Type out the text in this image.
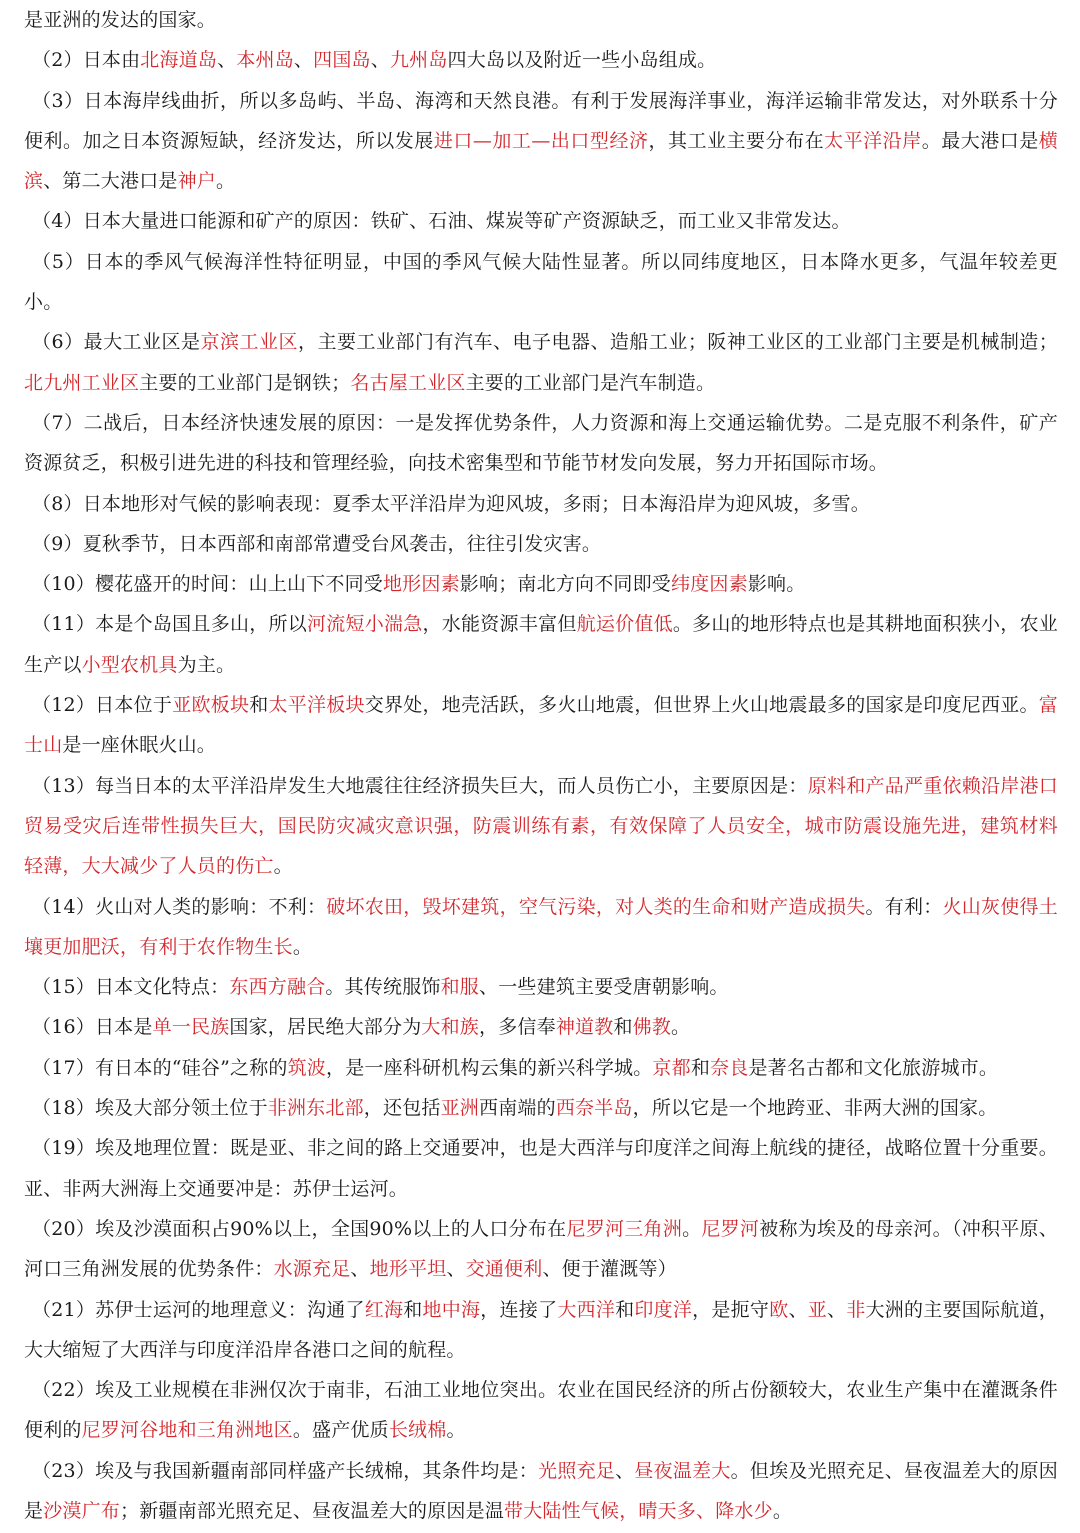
是亚洲的发达的国家。

（2）日本由北海道岛、本州岛、四国岛、九州岛四大岛以及附近一些小岛组成。

（3）日本海岸线曲折，所以多岛屿、半岛、海湾和天然良港。有利于发展海洋事业，海洋运输非常发达，对外联系十分便利。加之日本资源短缺，经济发达，所以发展进口—加工—出口型经济，其工业主要分布在太平洋沿岸。最大港口是横滨、第二大港口是神户。

（4）日本大量进口能源和矿产的原因：铁矿、石油、煤炭等矿产资源缺乏，而工业又非常发达。

（5）日本的季风气候海洋性特征明显，中国的季风气候大陆性显著。所以同纬度地区，日本降水更多，气温年较差更小。

（6）最大工业区是京滨工业区，主要工业部门有汽车、电子电器、造船工业；阪神工业区的工业部门主要是机械制造；北九州工业区主要的工业部门是钢铁；名古屋工业区主要的工业部门是汽车制造。

（7）二战后，日本经济快速发展的原因：一是发挥优势条件，人力资源和海上交通运输优势。二是克服不利条件，矿产资源贫乏，积极引进先进的科技和管理经验，向技术密集型和节能节材发向发展，努力开拓国际市场。

（8）日本地形对气候的影响表现：夏季太平洋沿岸为迎风坡，多雨；日本海沿岸为迎风坡，多雪。

（9）夏秋季节，日本西部和南部常遭受台风袭击，往往引发灾害。

（10）樱花盛开的时间：山上山下不同受地形因素影响；南北方向不同即受纬度因素影响。

（11）本是个岛国且多山，所以河流短小湍急，水能资源丰富但航运价值低。多山的地形特点也是其耕地面积狭小，农业生产以小型农机具为主。

（12）日本位于亚欧板块和太平洋板块交界处，地壳活跃，多火山地震，但世界上火山地震最多的国家是印度尼西亚。富士山是一座休眠火山。

（13）每当日本的太平洋沿岸发生大地震往往经济损失巨大，而人员伤亡小，主要原因是：原料和产品严重依赖沿岸港口贸易受灾后连带性损失巨大，国民防灾减灾意识强，防震训练有素，有效保障了人员安全，城市防震设施先进，建筑材料轻薄，大大减少了人员的伤亡。

（14）火山对人类的影响：不利：破坏农田，毁坏建筑，空气污染，对人类的生命和财产造成损失。有利：火山灰使得土壤更加肥沃，有利于农作物生长。

（15）日本文化特点：东西方融合。其传统服饰和服、一些建筑主要受唐朝影响。

（16）日本是单一民族国家，居民绝大部分为大和族，多信奉神道教和佛教。

（17）有日本的“硅谷”之称的筑波，是一座科研机构云集的新兴科学城。京都和奈良是著名古都和文化旅游城市。

（18）埃及大部分领土位于非洲东北部，还包括亚洲西南端的西奈半岛，所以它是一个地跨亚、非两大洲的国家。

（19）埃及地理位置：既是亚、非之间的路上交通要冲，也是大西洋与印度洋之间海上航线的捷径，战略位置十分重要。亚、非两大洲海上交通要冲是：苏伊士运河。

（20）埃及沙漠面积占90%以上，全国90%以上的人口分布在尼罗河三角洲。尼罗河被称为埃及的母亲河。（冲积平原、河口三角洲发展的优势条件：水源充足、地形平坦、交通便利、便于灌溉等）

（21）苏伊士运河的地理意义：沟通了红海和地中海，连接了大西洋和印度洋，是扼守欧、亚、非大洲的主要国际航道，大大缩短了大西洋与印度洋沿岸各港口之间的航程。

（22）埃及工业规模在非洲仅次于南非，石油工业地位突出。农业在国民经济的所占份额较大，农业生产集中在灌溉条件便利的尼罗河谷地和三角洲地区。盛产优质长绒棉。

（23）埃及与我国新疆南部同样盛产长绒棉，其条件均是：光照充足、昼夜温差大。但埃及光照充足、昼夜温差大的原因是沙漠广布；新疆南部光照充足、昼夜温差大的原因是温带大陆性气候，晴天多、降水少。
